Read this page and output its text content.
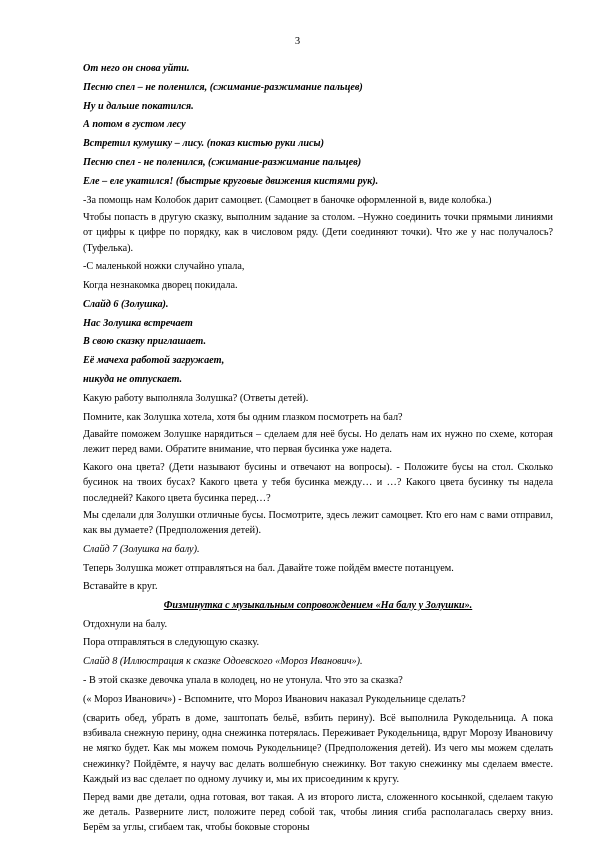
3
От него он снова уйти.
Песню спел – не поленился, (сжимание-разжимание пальцев)
Ну и дальше покатился.
А потом в густом лесу
Встретил кумушку – лису. (показ кистью руки лисы)
Песню спел - не поленился, (сжимание-разжимание пальцев)
Еле – еле укатился! (быстрые круговые движения кистями рук).
-За помощь нам Колобок дарит самоцвет. (Самоцвет в баночке оформленной в, виде колобка.)
Чтобы попасть в другую сказку, выполним задание за столом. –Нужно соединить точки прямыми линиями от цифры к цифре по порядку, как в числовом ряду. (Дети соединяют точки). Что же у нас получалось? (Туфелька).
-С маленькой ножки случайно упала,
Когда незнакомка дворец покидала.
Слайд 6 (Золушка).
Нас Золушка встречает
В свою сказку приглашает.
Её мачеха работой загружает,
никуда не отпускает.
Какую работу выполняла Золушка? (Ответы детей).
Помните, как Золушка хотела, хотя бы одним глазком посмотреть на бал?
Давайте поможем Золушке нарядиться – сделаем для неё бусы. Но делать нам их нужно по схеме, которая лежит перед вами. Обратите внимание, что первая бусинка уже надета.
Какого она цвета? (Дети называют бусины и отвечают на вопросы). - Положите бусы на стол. Сколько бусинок на твоих бусах? Какого цвета у тебя бусинка между… и …? Какого цвета бусинку ты надела последней? Какого цвета бусинка перед…?
Мы сделали для Золушки отличные бусы. Посмотрите, здесь лежит самоцвет. Кто его нам с вами отправил, как вы думаете? (Предположения детей).
Слайд 7 (Золушка на балу).
Теперь Золушка может отправляться на бал. Давайте тоже пойдём вместе потанцуем.
Вставайте в круг.
Физминутка с музыкальным сопровождением «На балу у Золушки».
Отдохнули на балу.
Пора отправляться в следующую сказку.
Слайд 8 (Иллюстрация к сказке Одоевского «Мороз Иванович»).
- В этой сказке девочка упала в колодец, но не утонула. Что это за сказка?
(« Мороз Иванович») - Вспомните, что Мороз Иванович наказал Рукодельнице сделать?
(сварить обед, убрать в доме, заштопать бельё, взбить перину). Всё выполнила Рукодельница. А пока взбивала снежную перину, одна снежинка потерялась. Переживает Рукодельница, вдруг Морозу Ивановичу не мягко будет. Как мы можем помочь Рукодельнице? (Предположения детей). Из чего мы можем сделать снежинку? Пойдёмте, я научу вас делать волшебную снежинку. Вот такую снежинку мы сделаем вместе. Каждый из вас сделает по одному лучику и, мы их присоединим к кругу.
Перед вами две детали, одна готовая, вот такая. А из второго листа, сложенного косынкой, сделаем такую же деталь. Разверните лист, положите перед собой так, чтобы линия сгиба располагалась сверху вниз. Берём за углы, сгибаем так, чтобы боковые стороны
